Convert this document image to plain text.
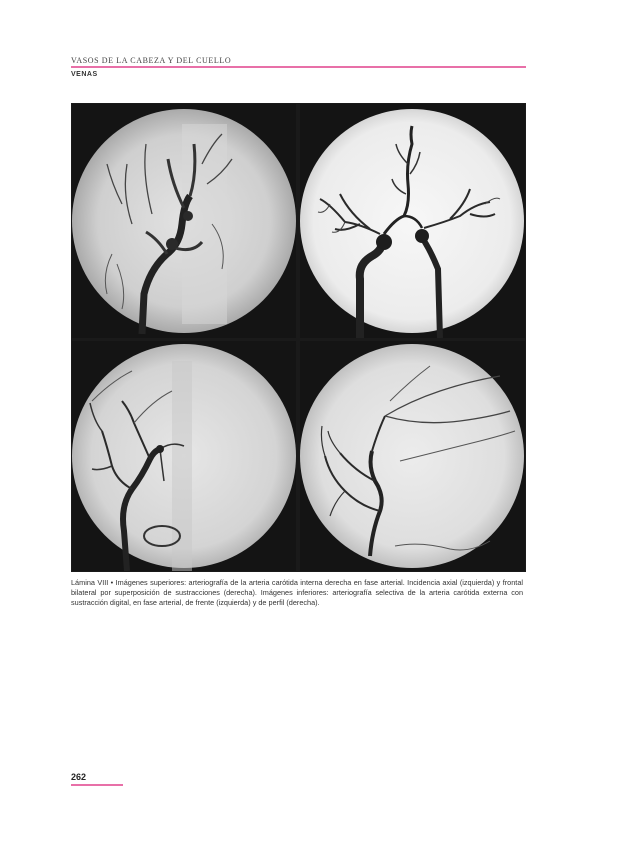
VASOS DE LA CABEZA Y DEL CUELLO
VENAS
Lámina VIII • Imágenes superiores: arteriografía de la arteria carótida interna derecha en fase arterial. Incidencia axial (izquierda) y frontal bilateral por superposición de sustracciones (derecha). Imágenes inferiores: arteriografía selectiva de la arteria carótida externa con sustracción digital, en fase arterial, de frente (izquierda) y de perfil (derecha).
262
